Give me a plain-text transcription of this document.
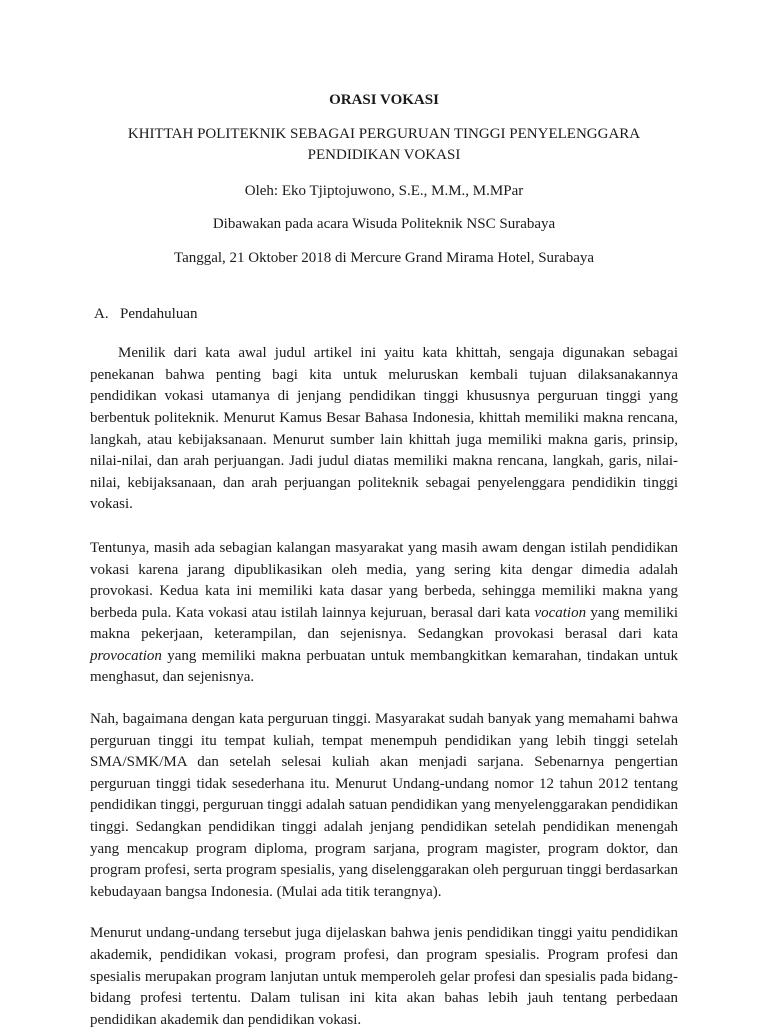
ORASI VOKASI
KHITTAH POLITEKNIK SEBAGAI PERGURUAN TINGGI PENYELENGGARA
PENDIDIKAN VOKASI
Oleh: Eko Tjiptojuwono, S.E., M.M., M.MPar
Dibawakan pada acara Wisuda Politeknik NSC Surabaya
Tanggal, 21 Oktober 2018 di Mercure Grand Mirama Hotel, Surabaya
A. Pendahuluan

Menilik dari kata awal judul artikel ini yaitu kata khittah, sengaja digunakan sebagai penekanan bahwa penting bagi kita untuk meluruskan kembali tujuan dilaksanakannya pendidikan vokasi utamanya di jenjang pendidikan tinggi khususnya perguruan tinggi yang berbentuk politeknik. Menurut Kamus Besar Bahasa Indonesia, khittah memiliki makna rencana, langkah, atau kebijaksanaan. Menurut sumber lain khittah juga memiliki makna garis, prinsip, nilai-nilai, dan arah perjuangan. Jadi judul diatas memiliki makna rencana, langkah, garis, nilai-nilai, kebijaksanaan, dan arah perjuangan politeknik sebagai penyelenggara pendidikin tinggi vokasi.

Tentunya, masih ada sebagian kalangan masyarakat yang masih awam dengan istilah pendidikan vokasi karena jarang dipublikasikan oleh media, yang sering kita dengar dimedia adalah provokasi. Kedua kata ini memiliki kata dasar yang berbeda, sehingga memiliki makna yang berbeda pula. Kata vokasi atau istilah lainnya kejuruan, berasal dari kata vocation yang memiliki makna pekerjaan, keterampilan, dan sejenisnya. Sedangkan provokasi berasal dari kata provocation yang memiliki makna perbuatan untuk membangkitkan kemarahan, tindakan untuk menghasut, dan sejenisnya.

Nah, bagaimana dengan kata perguruan tinggi. Masyarakat sudah banyak yang memahami bahwa perguruan tinggi itu tempat kuliah, tempat menempuh pendidikan yang lebih tinggi setelah SMA/SMK/MA dan setelah selesai kuliah akan menjadi sarjana. Sebenarnya pengertian perguruan tinggi tidak sesederhana itu. Menurut Undang-undang nomor 12 tahun 2012 tentang pendidikan tinggi, perguruan tinggi adalah satuan pendidikan yang menyelenggarakan pendidikan tinggi. Sedangkan pendidikan tinggi adalah jenjang pendidikan setelah pendidikan menengah yang mencakup program diploma, program sarjana, program magister, program doktor, dan program profesi, serta program spesialis, yang diselenggarakan oleh perguruan tinggi berdasarkan kebudayaan bangsa Indonesia. (Mulai ada titik terangnya).

Menurut undang-undang tersebut juga dijelaskan bahwa jenis pendidikan tinggi yaitu pendidikan akademik, pendidikan vokasi, program profesi, dan program spesialis. Program profesi dan spesialis merupakan program lanjutan untuk memperoleh gelar profesi dan spesialis pada bidang-bidang profesi tertentu. Dalam tulisan ini kita akan bahas lebih jauh tentang perbedaan pendidikan akademik dan pendidikan vokasi.
